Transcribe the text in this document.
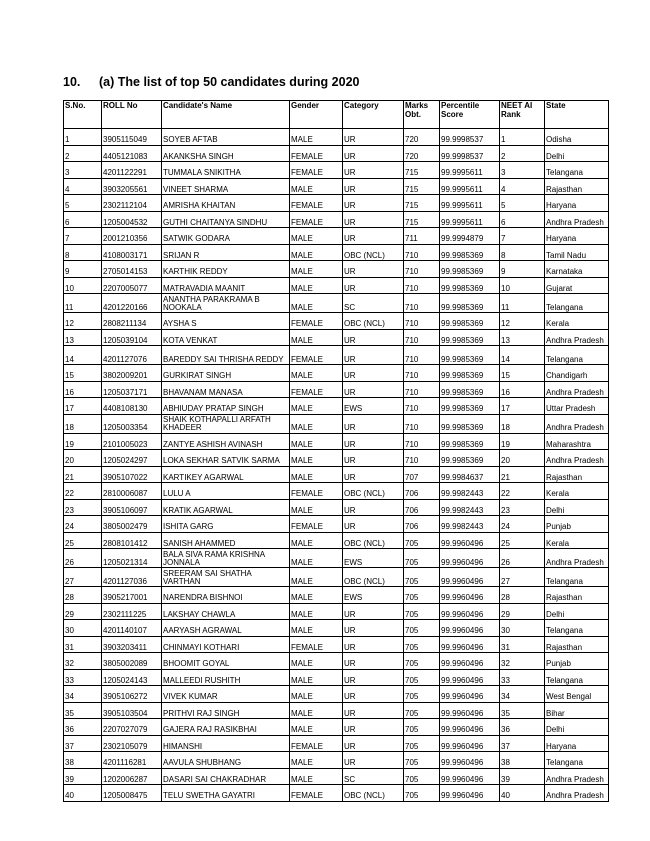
10. (a) The list of top 50 candidates during 2020
S.No.	ROLL No	Candidate's Name	Gender	Category	Marks Obt.	Percentile Score	NEET AI Rank	State
1	3905115049	SOYEB AFTAB	MALE	UR	720	99.9998537	1	Odisha
2	4405121083	AKANKSHA SINGH	FEMALE	UR	720	99.9998537	2	Delhi
3	4201122291	TUMMALA SNIKITHA	FEMALE	UR	715	99.9995611	3	Telangana
4	3903205561	VINEET SHARMA	MALE	UR	715	99.9995611	4	Rajasthan
5	2302112104	AMRISHA KHAITAN	FEMALE	UR	715	99.9995611	5	Haryana
6	1205004532	GUTHI CHAITANYA SINDHU	FEMALE	UR	715	99.9995611	6	Andhra Pradesh
7	2001210356	SATWIK GODARA	MALE	UR	711	99.9994879	7	Haryana
8	4108003171	SRIJAN R	MALE	OBC (NCL)	710	99.9985369	8	Tamil Nadu
9	2705014153	KARTHIK REDDY	MALE	UR	710	99.9985369	9	Karnataka
10	2207005077	MATRAVADIA MAANIT	MALE	UR	710	99.9985369	10	Gujarat
11	4201220166	ANANTHA PARAKRAMA B NOOKALA	MALE	SC	710	99.9985369	11	Telangana
12	2808211134	AYSHA S	FEMALE	OBC (NCL)	710	99.9985369	12	Kerala
13	1205039104	KOTA VENKAT	MALE	UR	710	99.9985369	13	Andhra Pradesh
14	4201127076	BAREDDY SAI THRISHA REDDY	FEMALE	UR	710	99.9985369	14	Telangana
15	3802009201	GURKIRAT SINGH	MALE	UR	710	99.9985369	15	Chandigarh
16	1205037171	BHAVANAM MANASA	FEMALE	UR	710	99.9985369	16	Andhra Pradesh
17	4408108130	ABHIUDAY PRATAP SINGH	MALE	EWS	710	99.9985369	17	Uttar Pradesh
18	1205003354	SHAIK KOTHAPALLI ARFATH KHADEER	MALE	UR	710	99.9985369	18	Andhra Pradesh
19	2101005023	ZANTYE ASHISH AVINASH	MALE	UR	710	99.9985369	19	Maharashtra
20	1205024297	LOKA SEKHAR SATVIK SARMA	MALE	UR	710	99.9985369	20	Andhra Pradesh
21	3905107022	KARTIKEY AGARWAL	MALE	UR	707	99.9984637	21	Rajasthan
22	2810006087	LULU A	FEMALE	OBC (NCL)	706	99.9982443	22	Kerala
23	3905106097	KRATIK AGARWAL	MALE	UR	706	99.9982443	23	Delhi
24	3805002479	ISHITA GARG	FEMALE	UR	706	99.9982443	24	Punjab
25	2808101412	SANISH AHAMMED	MALE	OBC (NCL)	705	99.9960496	25	Kerala
26	1205021314	BALA SIVA RAMA KRISHNA JONNALA	MALE	EWS	705	99.9960496	26	Andhra Pradesh
27	4201127036	SREERAM SAI SHATHA VARTHAN	MALE	OBC (NCL)	705	99.9960496	27	Telangana
28	3905217001	NARENDRA BISHNOI	MALE	EWS	705	99.9960496	28	Rajasthan
29	2302111225	LAKSHAY CHAWLA	MALE	UR	705	99.9960496	29	Delhi
30	4201140107	AARYASH AGRAWAL	MALE	UR	705	99.9960496	30	Telangana
31	3903203411	CHINMAYI KOTHARI	FEMALE	UR	705	99.9960496	31	Rajasthan
32	3805002089	BHOOMIT GOYAL	MALE	UR	705	99.9960496	32	Punjab
33	1205024143	MALLEEDI RUSHITH	MALE	UR	705	99.9960496	33	Telangana
34	3905106272	VIVEK KUMAR	MALE	UR	705	99.9960496	34	West Bengal
35	3905103504	PRITHVI RAJ SINGH	MALE	UR	705	99.9960496	35	Bihar
36	2207027079	GAJERA RAJ RASIKBHAI	MALE	UR	705	99.9960496	36	Delhi
37	2302105079	HIMANSHI	FEMALE	UR	705	99.9960496	37	Haryana
38	4201116281	AAVULA SHUBHANG	MALE	UR	705	99.9960496	38	Telangana
39	1202006287	DASARI SAI CHAKRADHAR	MALE	SC	705	99.9960496	39	Andhra Pradesh
40	1205008475	TELU SWETHA GAYATRI	FEMALE	OBC (NCL)	705	99.9960496	40	Andhra Pradesh
